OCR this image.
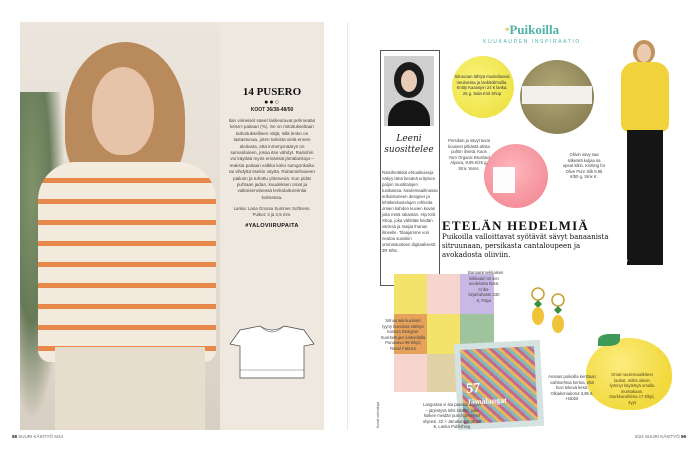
14 PUSERO
●●○
KOOT 36/38-48/50
Ilan viimeiset säeet laskeutuvat pehmeään kesä-t paitaan (%). Se on mitoitukseltaan tarkoituksellisen väljä, sillä lenko on lastastunaa, joten tarkista vielä ennen aloitusta, että inmenymäärys on samanlainen, jossa itse vähdyt. Raitoihin voi käyttää myös erivärisiä jämälankoja – reaksia paitaan valkka koko sumgonkaiku tai vihdyttä itsekin väyttä. Raitamiehaneen paikoin ja tuhottu yhteneviä. Kun pidät puhtaan jadan, kuudeksen omat ja valkoisenvisessä lenkolaiturerinlai kolmessa.
Lanka: Lana Grossa Summer Softness. Puikot: 3 ja 3,5 mm.
#YALOVIIRUPAITA
*Puikoilla
KUUKAUDEN INSPIRAATIO
Leeni suosittelee
Ratsiheräkkä ehtoaikuiseja näkyy tänä kesänä erityisen paljon muotitalojen tunikaissa. Neulemaailmassa erikoistuneen designer ja lehtikeskustelujen rohkeita omien kahden kuvien kuvan joita minä rakastan. Hip Knit Shop, joka vähittää heidän värinsä ja maijat Ihanan ilmeelle. Tilaajamme voit neuloa suosikin ommastuoteen digitaalisesti: 3R 9/5s.
Sitruunan tähtyä muotoiluvasi neuloessa ja lankitoilmoilla. Knitty Kaaosjen 24 € lanka; 25 g. Sala Knit Shop
Persikan ja sävyt luvat kouseet pitkästä ahsta puhtin ilmetä. Kaos Yarn Organic Brushed Alpaca, 9,95 €/25 g, Strix Yarns.
Oliivin sävy saa sitkeästi kuljaa sa upeat kiltin. Knitting for Olive Pure Silk 9,95 €/50 g, Strix K.
PAPU
ETELÄN HEDELMIÄ
Puikoilla valloittavat syötävät sävyt banaanista sitruunaan, persikasta cantaloupeen ja avokadosta oliiviin.
57
Jämälangat
Sitruunala kuvioset tyyny kuvoissa värisyn kanssa Designer Suoritettujen luoteellalla Punasavu 99 €/kpl, Rebel Fabrics
Banaanimekkaisen kiikkatari toi sen neuleloitta kesä. Cribs-kirja/rahasto 330 €, Papu
Langoissa vi sta parasta ennen – järjestyvä lehti sisältö, joka kulkee meidän punchjärveliset ohjeesi. 42 × Jämälangat 36,99 €, Lanka Publishing
Ananas poikoilla kenttaan vaihtoehtoa kertoa, että huvi tekevä kesä. Olkiakorvakorut 3,95 €, Hobbit
Omat neulemaalikiteet laukat, mitkä oikein lyönnyt käytettyä omalla muistakaan. Murkkurahtiisia 17 €/kpl, 4yyt
Kuvat valmistaja
58 SUURI KÄSITYÖ 5/24	5/24 SUURI KÄSITYÖ 59
